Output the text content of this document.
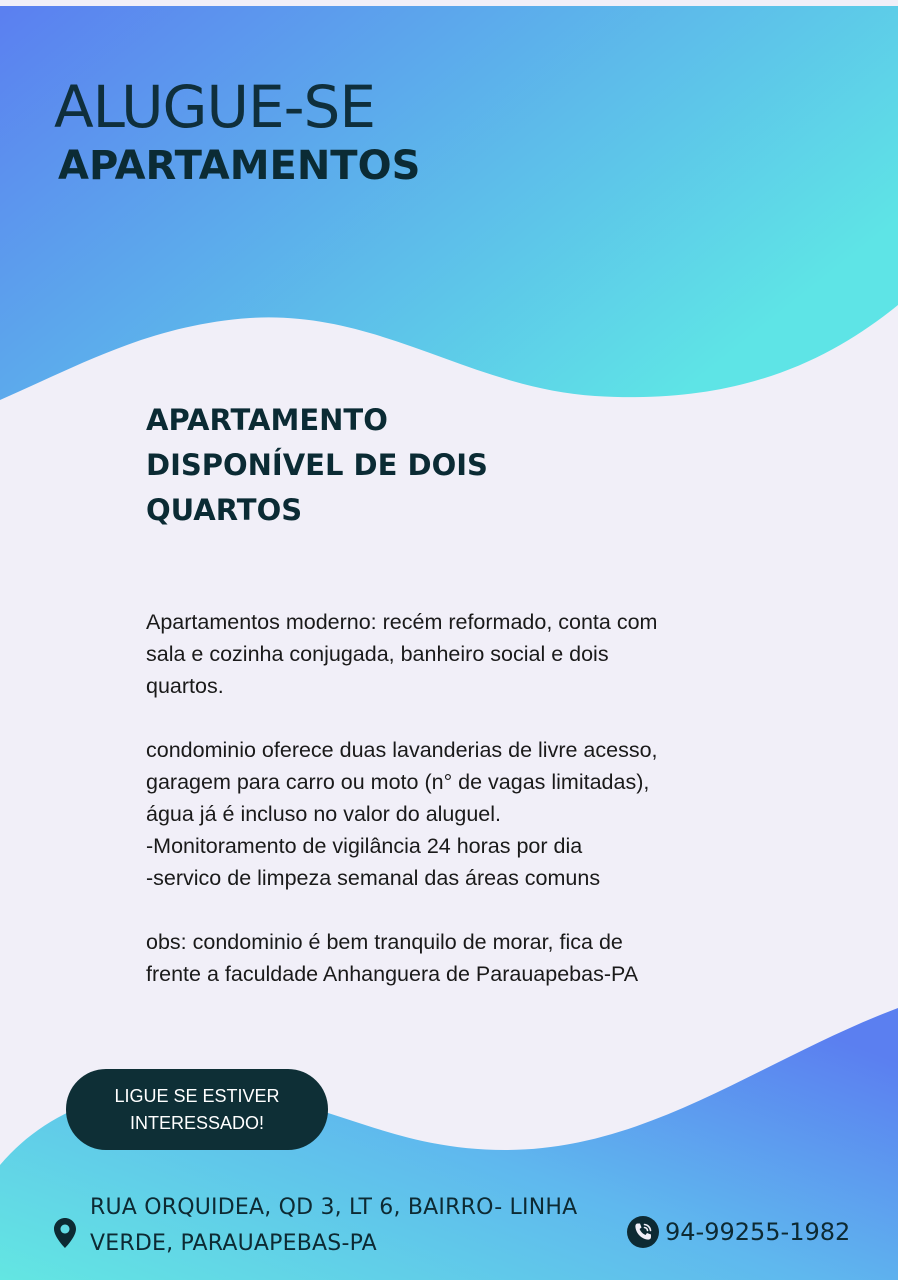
ALUGUE-SE
APARTAMENTOS
APARTAMENTO
DISPONÍVEL DE DOIS
QUARTOS

Apartamentos moderno: recém reformado, conta com

sala e cozinha conjugada, banheiro social e dois

quartos.

condominio oferece duas lavanderias de livre acesso,

garagem para carro ou moto (n° de vagas limitadas),

água já é incluso no valor do aluguel.

-Monitoramento de vigilância 24 horas por dia

-servico de limpeza semanal das áreas comuns

obs: condominio é bem tranquilo de morar, fica de

frente a faculdade Anhanguera de Parauapebas-PA

LIGUE SE ESTIVER
INTERESSADO!
RUA ORQUIDEA, QD 3, LT 6, BAIRRO- LINHA
VERDE, PARAUAPEBAS-PA	94-99255-1982
